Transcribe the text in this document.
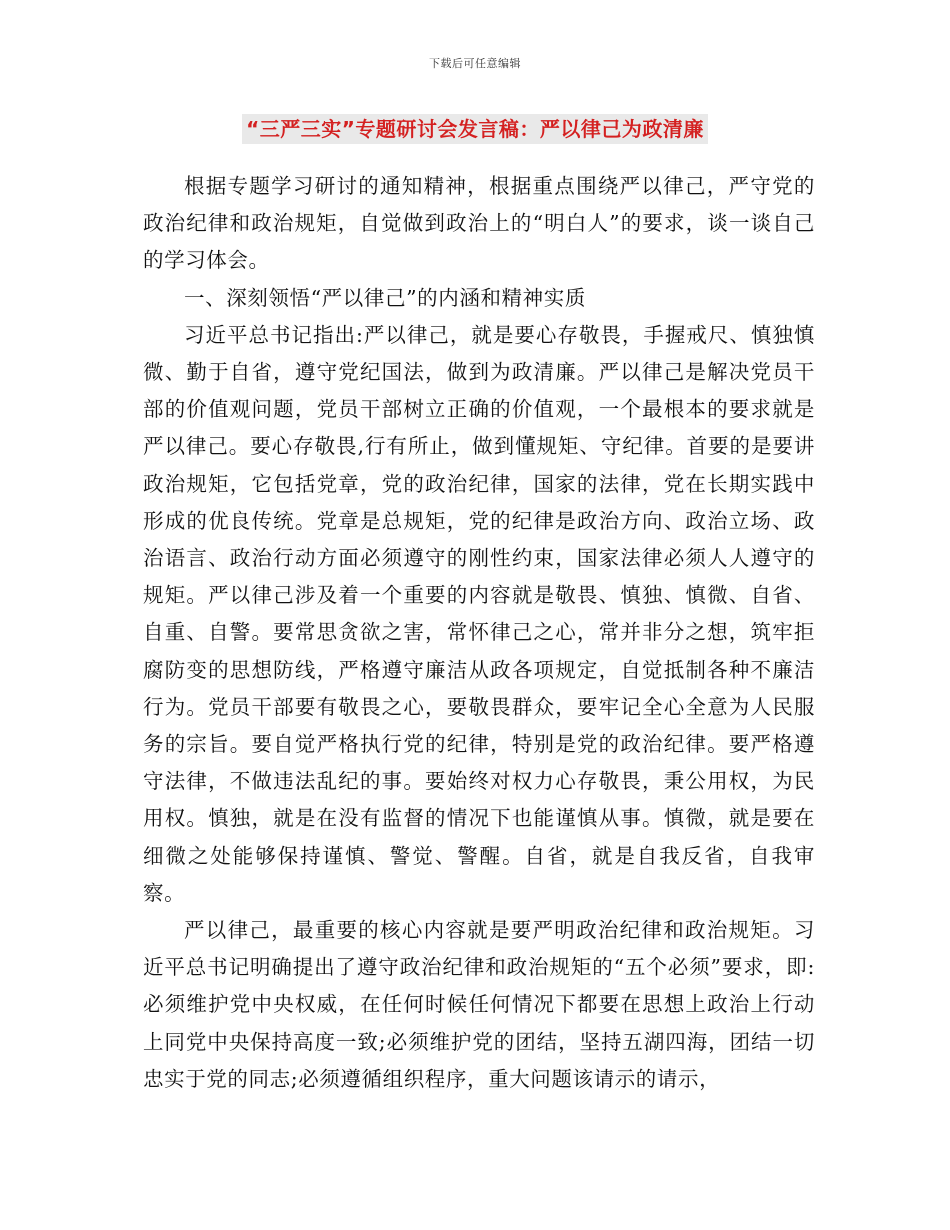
下载后可任意编辑
“三严三实”专题研讨会发言稿：严以律己为政清廉

根据专题学习研讨的通知精神，根据重点围绕严以律己，严守党的政治纪律和政治规矩，自觉做到政治上的“明白人”的要求，谈一谈自己的学习体会。

一、深刻领悟“严以律己”的内涵和精神实质

习近平总书记指出:严以律己，就是要心存敬畏，手握戒尺、慎独慎微、勤于自省，遵守党纪国法，做到为政清廉。严以律己是解决党员干部的价值观问题，党员干部树立正确的价值观，一个最根本的要求就是严以律己。要心存敬畏,行有所止，做到懂规矩、守纪律。首要的是要讲政治规矩，它包括党章，党的政治纪律，国家的法律，党在长期实践中形成的优良传统。党章是总规矩，党的纪律是政治方向、政治立场、政治语言、政治行动方面必须遵守的刚性约束，国家法律必须人人遵守的规矩。严以律己涉及着一个重要的内容就是敬畏、慎独、慎微、自省、自重、自警。要常思贪欲之害，常怀律己之心，常并非分之想，筑牢拒腐防变的思想防线，严格遵守廉洁从政各项规定，自觉抵制各种不廉洁行为。党员干部要有敬畏之心，要敬畏群众，要牢记全心全意为人民服务的宗旨。要自觉严格执行党的纪律，特别是党的政治纪律。要严格遵守法律，不做违法乱纪的事。要始终对权力心存敬畏，秉公用权，为民用权。慎独，就是在没有监督的情况下也能谨慎从事。慎微，就是要在细微之处能够保持谨慎、警觉、警醒。自省，就是自我反省，自我审察。

严以律己，最重要的核心内容就是要严明政治纪律和政治规矩。习近平总书记明确提出了遵守政治纪律和政治规矩的“五个必须”要求，即:必须维护党中央权威，在任何时候任何情况下都要在思想上政治上行动上同党中央保持高度一致;必须维护党的团结，坚持五湖四海，团结一切忠实于党的同志;必须遵循组织程序，重大问题该请示的请示，
